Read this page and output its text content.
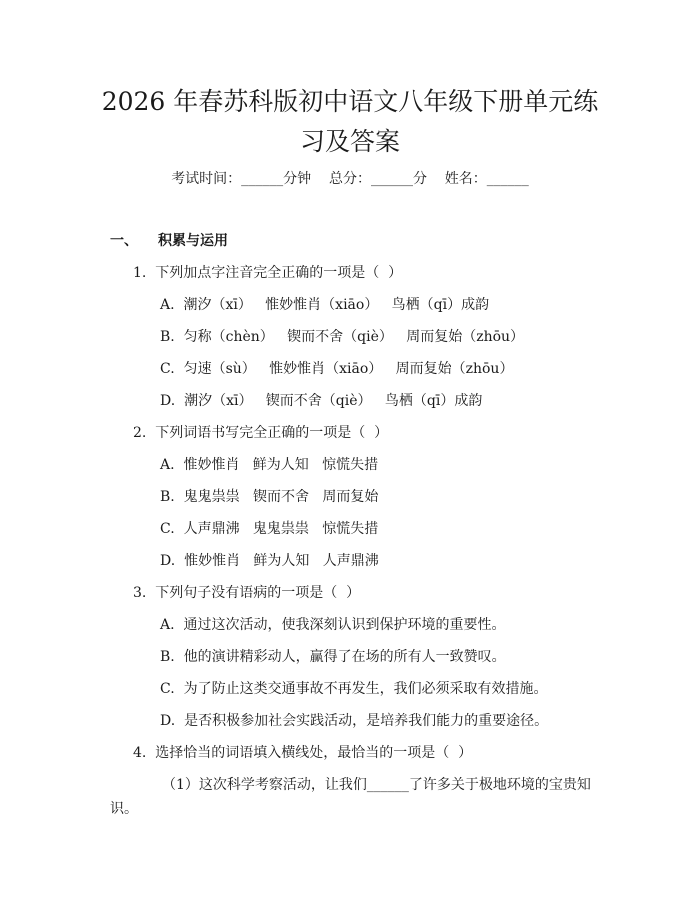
2026 年春苏科版初中语文八年级下册单元练
习及答案
考试时间：______分钟    总分：______分    姓名：______
一、 积累与运用
1.  下列加点字注音完全正确的一项是（  ）
A.  潮汐（xī）   惟妙惟肖（xiāo）   鸟栖（qī）成韵
B.  匀称（chèn）   锲而不舍（qiè）   周而复始（zhōu）
C.  匀速（sù）   惟妙惟肖（xiāo）   周而复始（zhōu）
D.  潮汐（xī）   锲而不舍（qiè）   鸟栖（qī）成韵
2.  下列词语书写完全正确的一项是（  ）
A.  惟妙惟肖   鲜为人知   惊慌失措
B.  鬼鬼祟祟   锲而不舍   周而复始
C.  人声鼎沸   鬼鬼祟祟   惊慌失措
D.  惟妙惟肖   鲜为人知   人声鼎沸
3.  下列句子没有语病的一项是（  ）
A.  通过这次活动，使我深刻认识到保护环境的重要性。
B.  他的演讲精彩动人，赢得了在场的所有人一致赞叹。
C.  为了防止这类交通事故不再发生，我们必须采取有效措施。
D.  是否积极参加社会实践活动，是培养我们能力的重要途径。
4.  选择恰当的词语填入横线处，最恰当的一项是（  ）
（1）这次科学考察活动，让我们______了许多关于极地环境的宝贵知
识。
